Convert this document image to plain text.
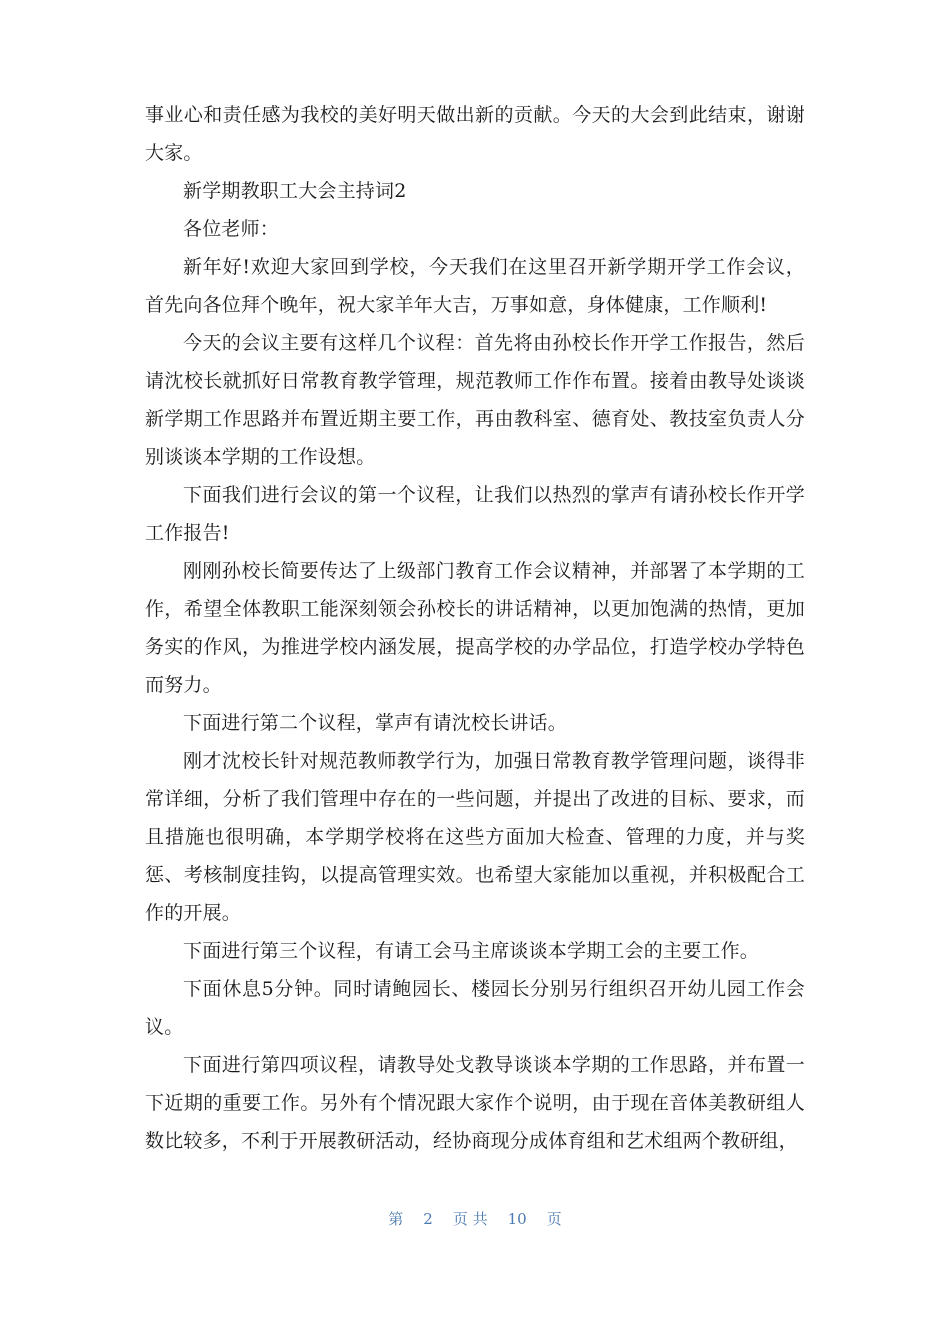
事业心和责任感为我校的美好明天做出新的贡献。今天的大会到此结束，谢谢大家。

新学期教职工大会主持词2

各位老师：

新年好!欢迎大家回到学校，今天我们在这里召开新学期开学工作会议，首先向各位拜个晚年，祝大家羊年大吉，万事如意，身体健康，工作顺利!

今天的会议主要有这样几个议程：首先将由孙校长作开学工作报告，然后请沈校长就抓好日常教育教学管理，规范教师工作作布置。接着由教导处谈谈新学期工作思路并布置近期主要工作，再由教科室、德育处、教技室负责人分别谈谈本学期的工作设想。

下面我们进行会议的第一个议程，让我们以热烈的掌声有请孙校长作开学工作报告!

刚刚孙校长简要传达了上级部门教育工作会议精神，并部署了本学期的工作，希望全体教职工能深刻领会孙校长的讲话精神，以更加饱满的热情，更加务实的作风，为推进学校内涵发展，提高学校的办学品位，打造学校办学特色而努力。

下面进行第二个议程，掌声有请沈校长讲话。

刚才沈校长针对规范教师教学行为，加强日常教育教学管理问题，谈得非常详细，分析了我们管理中存在的一些问题，并提出了改进的目标、要求，而且措施也很明确，本学期学校将在这些方面加大检查、管理的力度，并与奖惩、考核制度挂钩，以提高管理实效。也希望大家能加以重视，并积极配合工作的开展。

下面进行第三个议程，有请工会马主席谈谈本学期工会的主要工作。

下面休息5分钟。同时请鲍园长、楼园长分别另行组织召开幼儿园工作会议。

下面进行第四项议程，请教导处戈教导谈谈本学期的工作思路，并布置一下近期的重要工作。另外有个情况跟大家作个说明，由于现在音体美教研组人数比较多，不利于开展教研活动，经协商现分成体育组和艺术组两个教研组，

第 2 页 共 10 页
